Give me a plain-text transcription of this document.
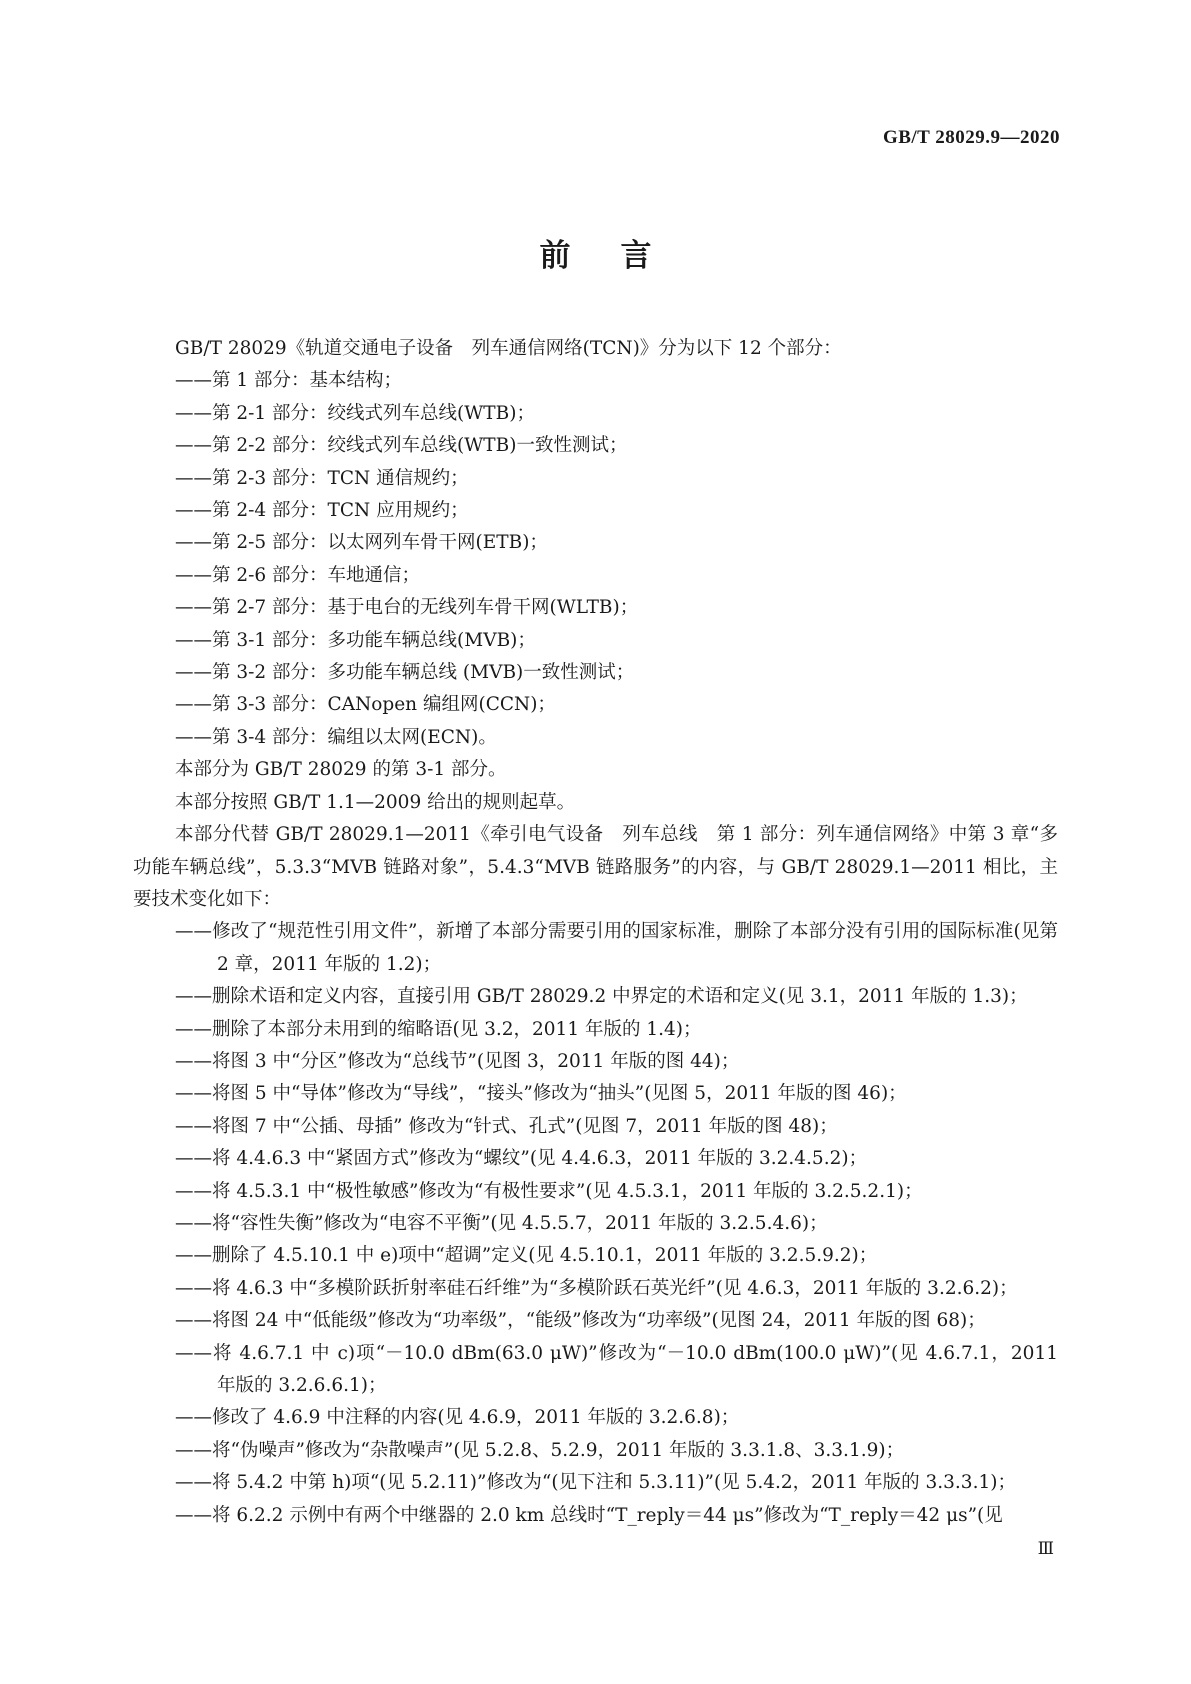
GB/T 28029.9—2020
前言

GB/T 28029《轨道交通电子设备　列车通信网络(TCN)》分为以下 12 个部分：

——第 1 部分：基本结构；

——第 2-1 部分：绞线式列车总线(WTB)；

——第 2-2 部分：绞线式列车总线(WTB)一致性测试；

——第 2-3 部分：TCN 通信规约；

——第 2-4 部分：TCN 应用规约；

——第 2-5 部分：以太网列车骨干网(ETB)；

——第 2-6 部分：车地通信；

——第 2-7 部分：基于电台的无线列车骨干网(WLTB)；

——第 3-1 部分：多功能车辆总线(MVB)；

——第 3-2 部分：多功能车辆总线 (MVB)一致性测试；

——第 3-3 部分：CANopen 编组网(CCN)；

——第 3-4 部分：编组以太网(ECN)。

本部分为 GB/T 28029 的第 3-1 部分。

本部分按照 GB/T 1.1—2009 给出的规则起草。

本部分代替 GB/T 28029.1—2011《牵引电气设备　列车总线　第 1 部分：列车通信网络》中第 3 章“多功能车辆总线”，5.3.3“MVB 链路对象”，5.4.3“MVB 链路服务”的内容，与 GB/T 28029.1—2011 相比，主要技术变化如下：

——修改了“规范性引用文件”，新增了本部分需要引用的国家标准，删除了本部分没有引用的国际标准(见第 2 章，2011 年版的 1.2)；

——删除术语和定义内容，直接引用 GB/T 28029.2 中界定的术语和定义(见 3.1，2011 年版的 1.3)；

——删除了本部分未用到的缩略语(见 3.2，2011 年版的 1.4)；

——将图 3 中“分区”修改为“总线节”(见图 3，2011 年版的图 44)；

——将图 5 中“导体”修改为“导线”，“接头”修改为“抽头”(见图 5，2011 年版的图 46)；

——将图 7 中“公插、母插” 修改为“针式、孔式”(见图 7，2011 年版的图 48)；

——将 4.4.6.3 中“紧固方式”修改为“螺纹”(见 4.4.6.3，2011 年版的 3.2.4.5.2)；

——将 4.5.3.1 中“极性敏感”修改为“有极性要求”(见 4.5.3.1，2011 年版的 3.2.5.2.1)；

——将“容性失衡”修改为“电容不平衡”(见 4.5.5.7，2011 年版的 3.2.5.4.6)；

——删除了 4.5.10.1 中 e)项中“超调”定义(见 4.5.10.1，2011 年版的 3.2.5.9.2)；

——将 4.6.3 中“多模阶跃折射率硅石纤维”为“多模阶跃石英光纤”(见 4.6.3，2011 年版的 3.2.6.2)；

——将图 24 中“低能级”修改为“功率级”，“能级”修改为“功率级”(见图 24，2011 年版的图 68)；

——将 4.6.7.1 中 c)项“－10.0 dBm(63.0 μW)”修改为“－10.0 dBm(100.0 μW)”(见 4.6.7.1，2011 年版的 3.2.6.6.1)；

——修改了 4.6.9 中注释的内容(见 4.6.9，2011 年版的 3.2.6.8)；

——将“伪噪声”修改为“杂散噪声”(见 5.2.8、5.2.9，2011 年版的 3.3.1.8、3.3.1.9)；

——将 5.4.2 中第 h)项“(见 5.2.11)”修改为“(见下注和 5.3.11)”(见 5.4.2，2011 年版的 3.3.3.1)；

——将 6.2.2 示例中有两个中继器的 2.0 km 总线时“T_reply＝44 μs”修改为“T_reply＝42 μs”(见

Ⅲ
